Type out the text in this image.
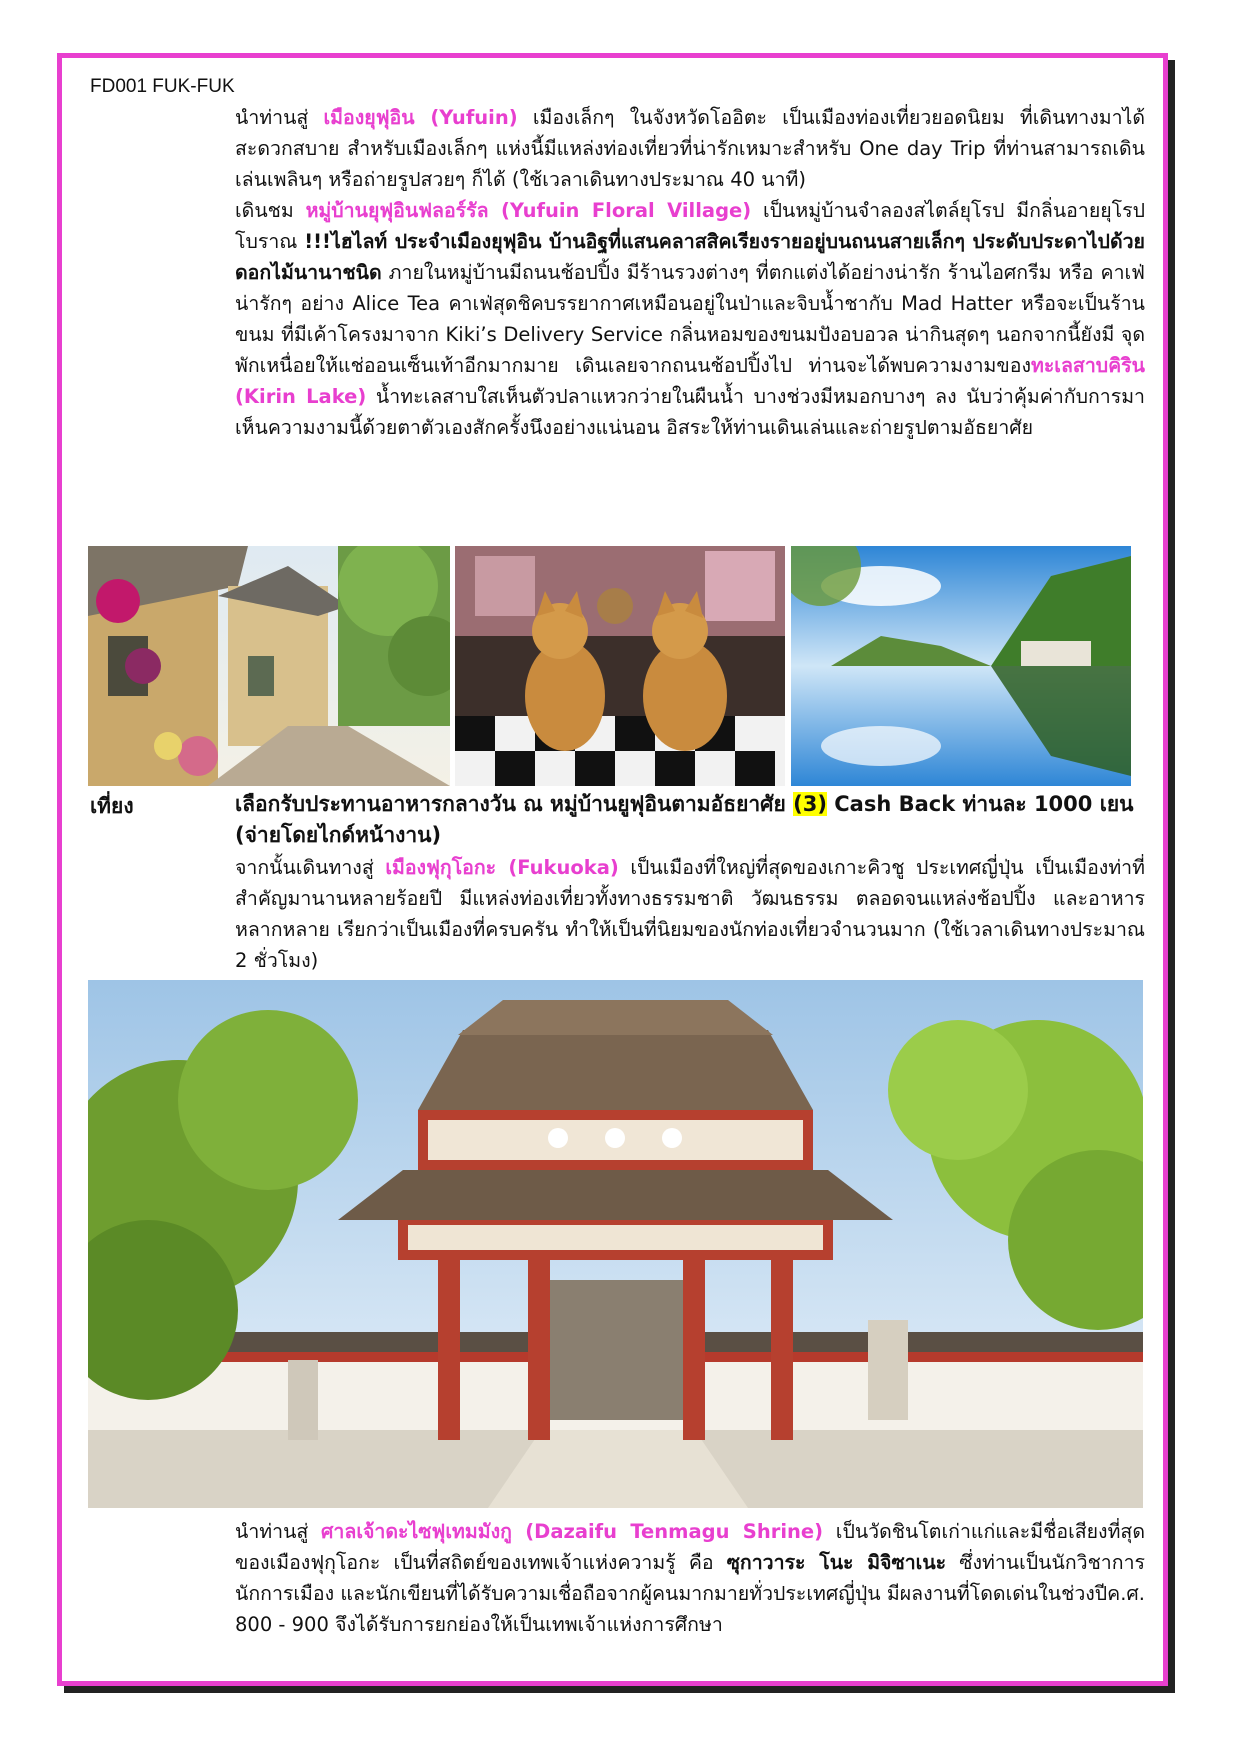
FD001 FUK-FUK

นำท่านสู่ เมืองยุฟุอิน (Yufuin) เมืองเล็กๆ ในจังหวัดโออิตะ เป็นเมืองท่องเที่ยวยอดนิยม ที่เดินทางมาได้สะดวกสบาย สำหรับเมืองเล็กๆ แห่งนี้มีแหล่งท่องเที่ยวที่น่ารักเหมาะสำหรับ One day Trip ที่ท่านสามารถเดินเล่นเพลินๆ หรือถ่ายรูปสวยๆ ก็ได้ (ใช้เวลาเดินทางประมาณ 40 นาที)

เดินชม หมู่บ้านยุฟุอินฟลอร์รัล (Yufuin Floral Village) เป็นหมู่บ้านจำลองสไตล์ยุโรป มีกลิ่นอายยุโรปโบราณ !!!ไฮไลท์ ประจำเมืองยุฟุอิน บ้านอิฐที่แสนคลาสสิคเรียงรายอยู่บนถนนสายเล็กๆ ประดับประดาไปด้วยดอกไม้นานาชนิด ภายในหมู่บ้านมีถนนช้อปปิ้ง มีร้านรวงต่างๆ ที่ตกแต่งได้อย่างน่ารัก ร้านไอศกรีม หรือ คาเฟ่น่ารักๆ อย่าง Alice Tea คาเฟ่สุดชิคบรรยากาศเหมือนอยู่ในป่าและจิบน้ำชากับ Mad Hatter หรือจะเป็นร้านขนม ที่มีเค้าโครงมาจาก Kiki’s Delivery Service กลิ่นหอมของขนมปังอบอวล น่ากินสุดๆ นอกจากนี้ยังมี จุดพักเหนื่อยให้แช่ออนเซ็นเท้าอีกมากมาย เดินเลยจากถนนช้อปปิ้งไป ท่านจะได้พบความงามของทะเลสาบคิริน (Kirin Lake) น้ำทะเลสาบใสเห็นตัวปลาแหวกว่ายในผืนน้ำ บางช่วงมีหมอกบางๆ ลง นับว่าคุ้มค่ากับการมาเห็นความงามนี้ด้วยตาตัวเองสักครั้งนึงอย่างแน่นอน อิสระให้ท่านเดินเล่นและถ่ายรูปตามอัธยาศัย

เที่ยง	เลือกรับประทานอาหารกลางวัน ณ หมู่บ้านยูฟุอินตามอัธยาศัย (3) Cash Back ท่านละ 1000 เยน (จ่ายโดยไกด์หน้างาน)

จากนั้นเดินทางสู่ เมืองฟุกุโอกะ (Fukuoka) เป็นเมืองที่ใหญ่ที่สุดของเกาะคิวชู ประเทศญี่ปุ่น เป็นเมืองท่าที่สำคัญมานานหลายร้อยปี มีแหล่งท่องเที่ยวทั้งทางธรรมชาติ วัฒนธรรม ตลอดจนแหล่งช้อปปิ้ง และอาหารหลากหลาย เรียกว่าเป็นเมืองที่ครบครัน ทำให้เป็นที่นิยมของนักท่องเที่ยวจำนวนมาก (ใช้เวลาเดินทางประมาณ 2 ชั่วโมง)

นำท่านสู่ ศาลเจ้าดะไซฟุเทมมังกู (Dazaifu Tenmagu Shrine) เป็นวัดชินโตเก่าแก่และมีชื่อเสียงที่สุดของเมืองฟุกุโอกะ เป็นที่สถิตย์ของเทพเจ้าแห่งความรู้ คือ ซุกาวาระ โนะ มิจิซาเนะ ซึ่งท่านเป็นนักวิชาการ นักการเมือง และนักเขียนที่ได้รับความเชื่อถือจากผู้คนมากมายทั่วประเทศญี่ปุ่น มีผลงานที่โดดเด่นในช่วงปีค.ศ. 800 - 900 จึงได้รับการยกย่องให้เป็นเทพเจ้าแห่งการศึกษา
